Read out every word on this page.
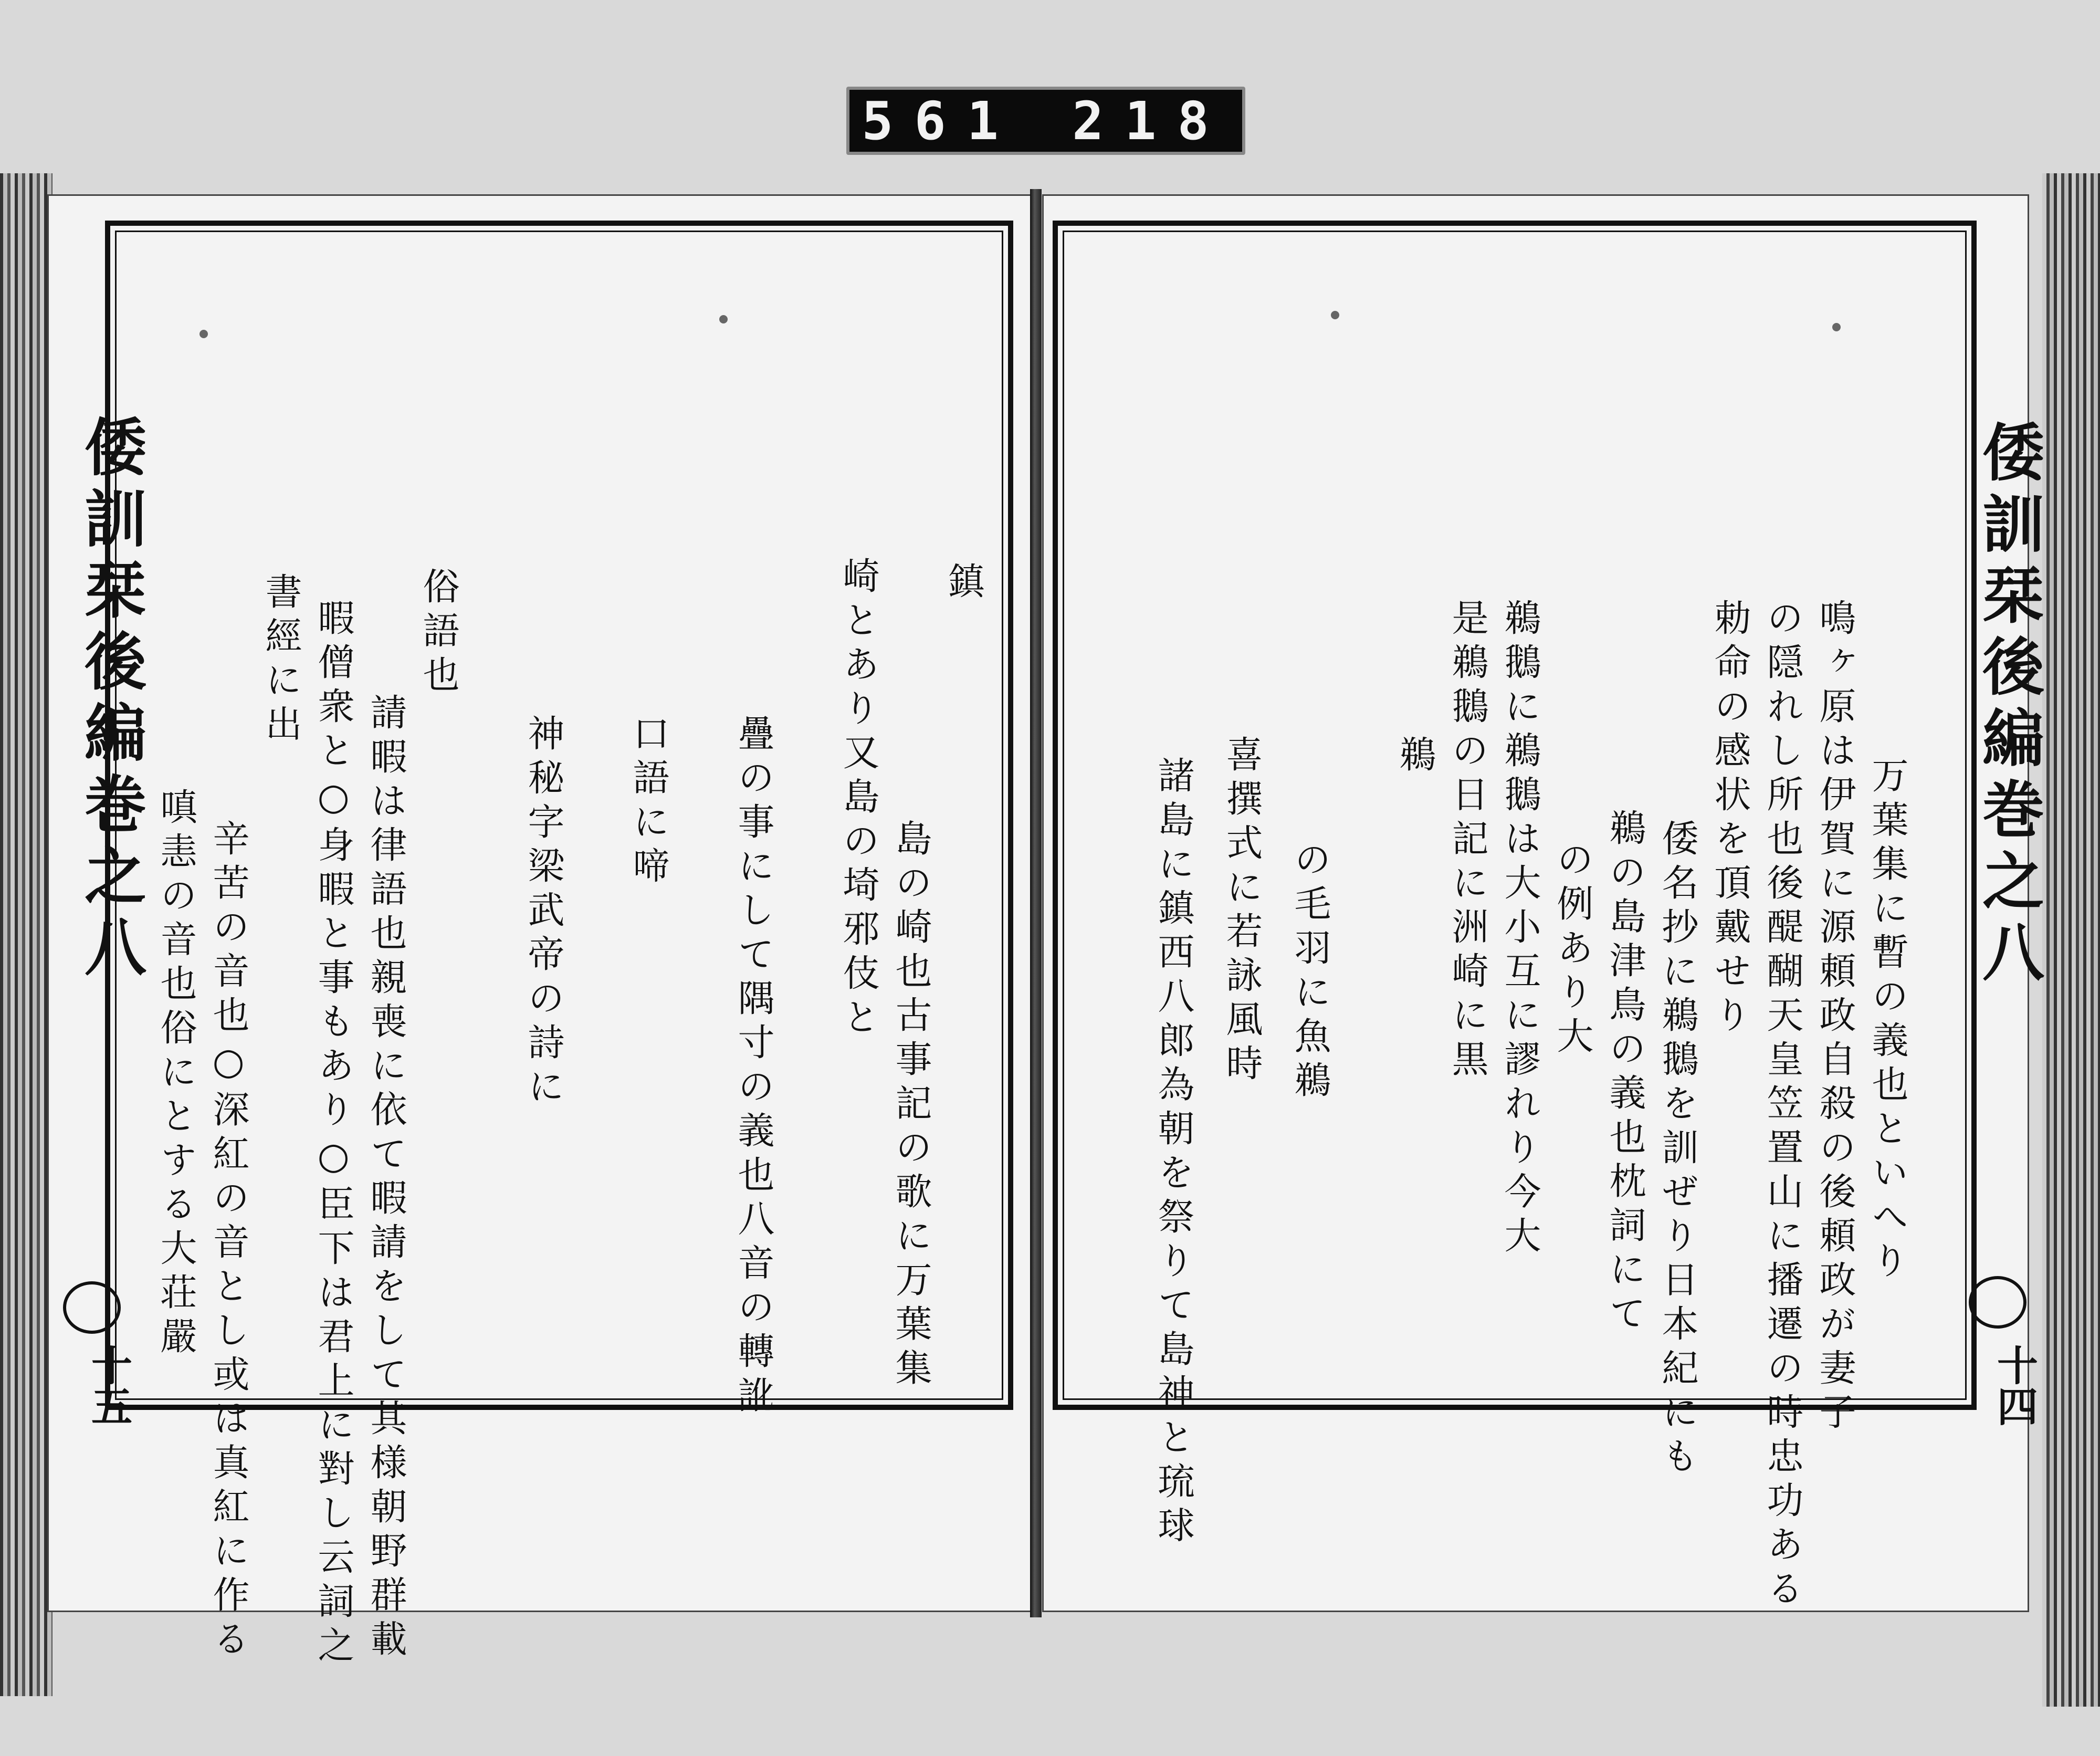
561 218
倭訓栞後編巻之八	倭訓栞後編巻之八
十五	十四
万葉集に暫の義也といへり
鳴ヶ原は伊賀に源頼政自殺の後頼政が妻子
の隠れし所也後醍醐天皇笠置山に播遷の時忠功ある
勅命の感状を頂戴せり
倭名抄に鵜鵝を訓ぜり日本紀にも
鵜の島津鳥の義也枕詞にて
の例あり大
鵜鵝に鵜鵝は大小互に謬れり今大
是鵜鵝の日記に洲崎に黒
鵜
の毛羽に魚鵜
喜撰式に若詠風時
諸島に鎮西八郎為朝を祭りて島神と琉球
鎮
島の崎也古事記の歌に万葉集
崎とあり又島の埼邪伎と
疊の事にして隅寸の義也八音の轉訛
口語に啼
神秘字梁武帝の詩に
俗語也
請暇は律語也親喪に依て暇請をして其様朝野群載
暇僧衆と○身暇と事もあり○臣下は君上に對し云詞之
書經に出
辛苦の音也○深紅の音とし或は真紅に作る
嗔恚の音也俗にとする大荘嚴
